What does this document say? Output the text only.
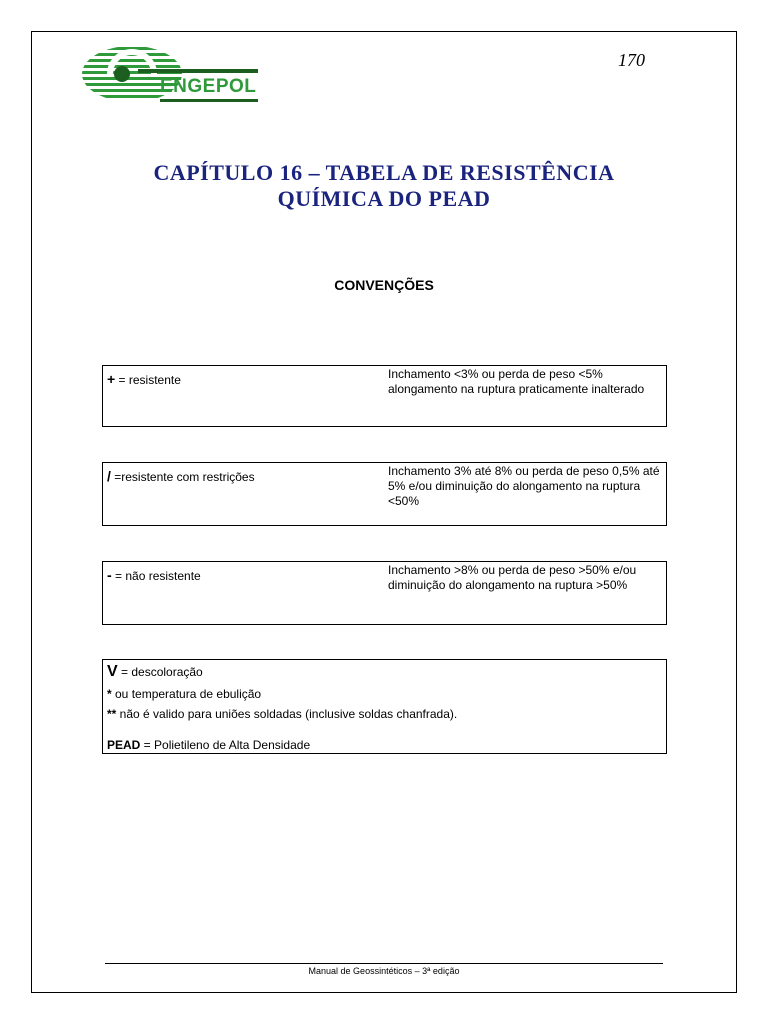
170
ENGEPOL
CAPÍTULO 16 – TABELA DE RESISTÊNCIA
QUÍMICA DO PEAD
CONVENÇÕES
+ = resistente	Inchamento <3% ou perda de peso <5% alongamento na ruptura praticamente inalterado
/ =resistente com restrições	Inchamento 3% até 8% ou perda de peso 0,5% até 5% e/ou diminuição do alongamento na ruptura <50%
- = não resistente	Inchamento >8% ou perda de peso >50% e/ou diminuição do alongamento na ruptura >50%
V = descoloração
* ou temperatura de ebulição
** não é valido para uniões soldadas (inclusive soldas chanfrada).
PEAD = Polietileno de Alta Densidade
Manual de Geossintéticos – 3ª edição
